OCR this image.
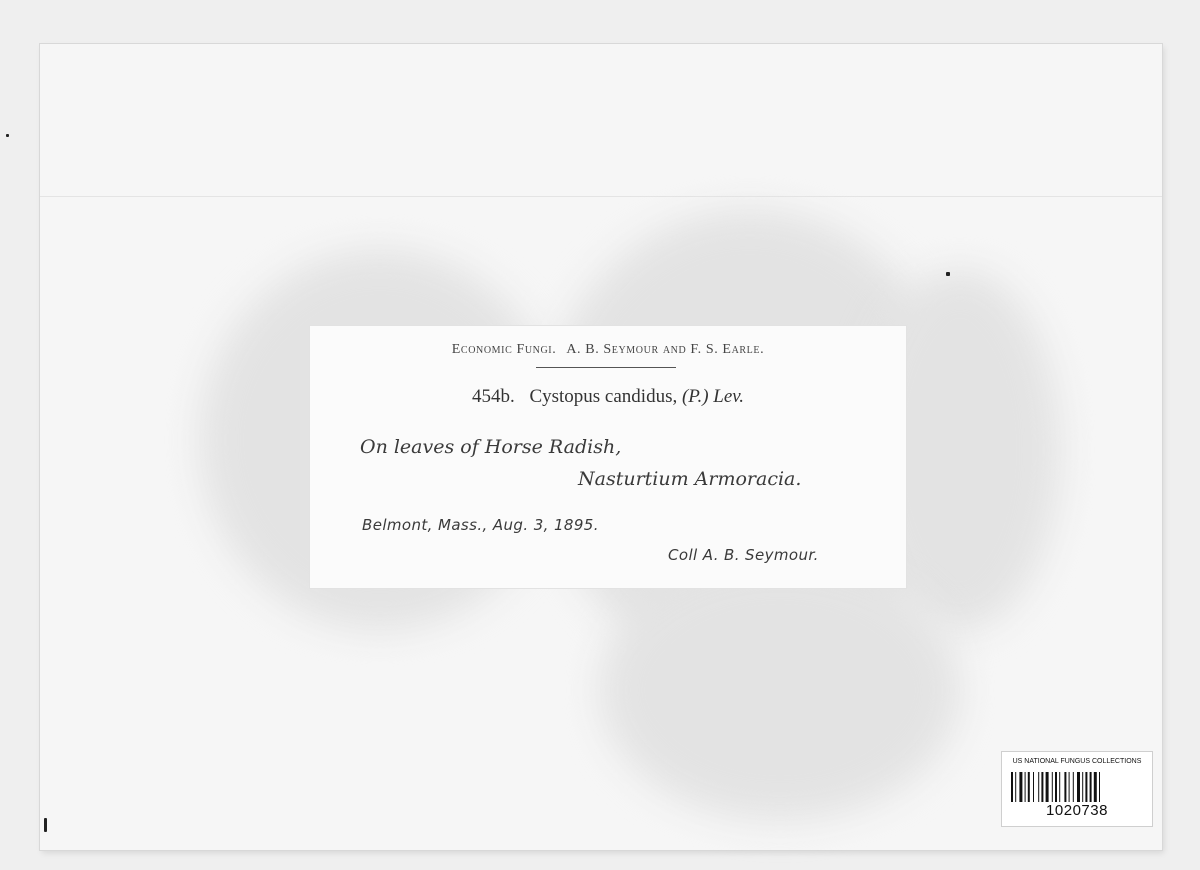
Economic Fungi. A. B. Seymour and F. S. Earle.
454b. Cystopus candidus, (P.) Lev.
On leaves of Horse Radish,
Nasturtium Armoracia.
Belmont, Mass., Aug. 3, 1895.
Coll A. B. Seymour.
US NATIONAL FUNGUS COLLECTIONS
1020738
